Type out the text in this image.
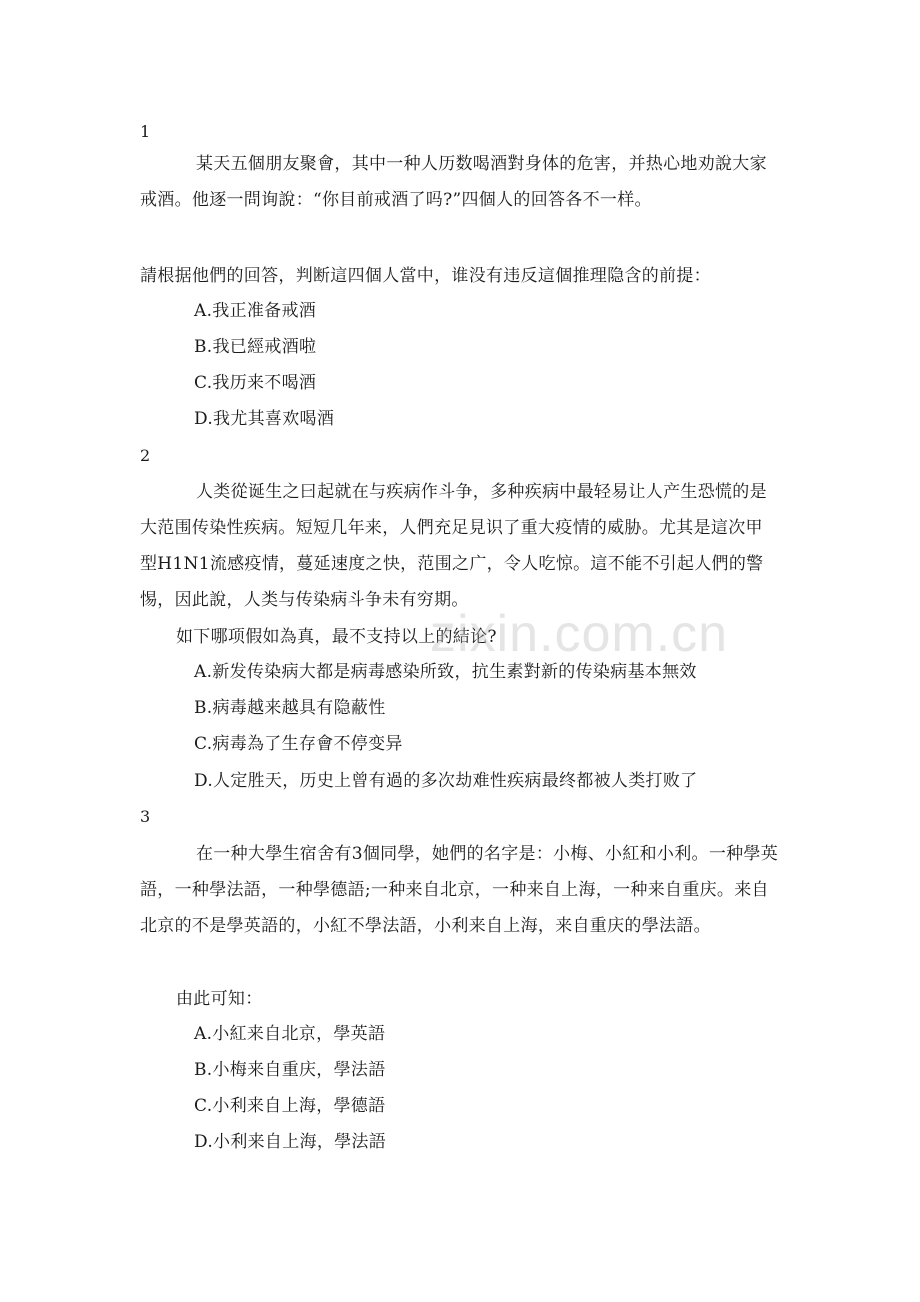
1
某天五個朋友聚會，其中一种人历数喝酒對身体的危害，并热心地劝說大家戒酒。他逐一問询說：“你目前戒酒了吗?”四個人的回答各不一样。
請根据他們的回答，判断這四個人當中，谁没有违反這個推理隐含的前提：
A.我正准备戒酒
B.我已經戒酒啦
C.我历来不喝酒
D.我尤其喜欢喝酒
2
人类從诞生之曰起就在与疾病作斗争，多种疾病中最轻易让人产生恐慌的是大范围传染性疾病。短短几年来，人們充足見识了重大疫情的威胁。尤其是這次甲型H1N1流感疫情，蔓延速度之快，范围之广，令人吃惊。這不能不引起人們的警惕，因此說，人类与传染病斗争未有穷期。
如下哪项假如為真，最不支持以上的結论?
A.新发传染病大都是病毒感染所致，抗生素對新的传染病基本無效
B.病毒越来越具有隐蔽性
C.病毒為了生存會不停变异
D.人定胜天，历史上曾有過的多次劫难性疾病最终都被人类打败了
3
在一种大學生宿舍有3個同學，她們的名字是：小梅、小紅和小利。一种學英語，一种學法語，一种學德語;一种来自北京，一种来自上海，一种来自重庆。来自北京的不是學英語的，小紅不學法語，小利来自上海，来自重庆的學法語。
由此可知：
A.小紅来自北京，學英語
B.小梅来自重庆，學法語
C.小利来自上海，學德語
D.小利来自上海，學法語
zixin.com.cn
